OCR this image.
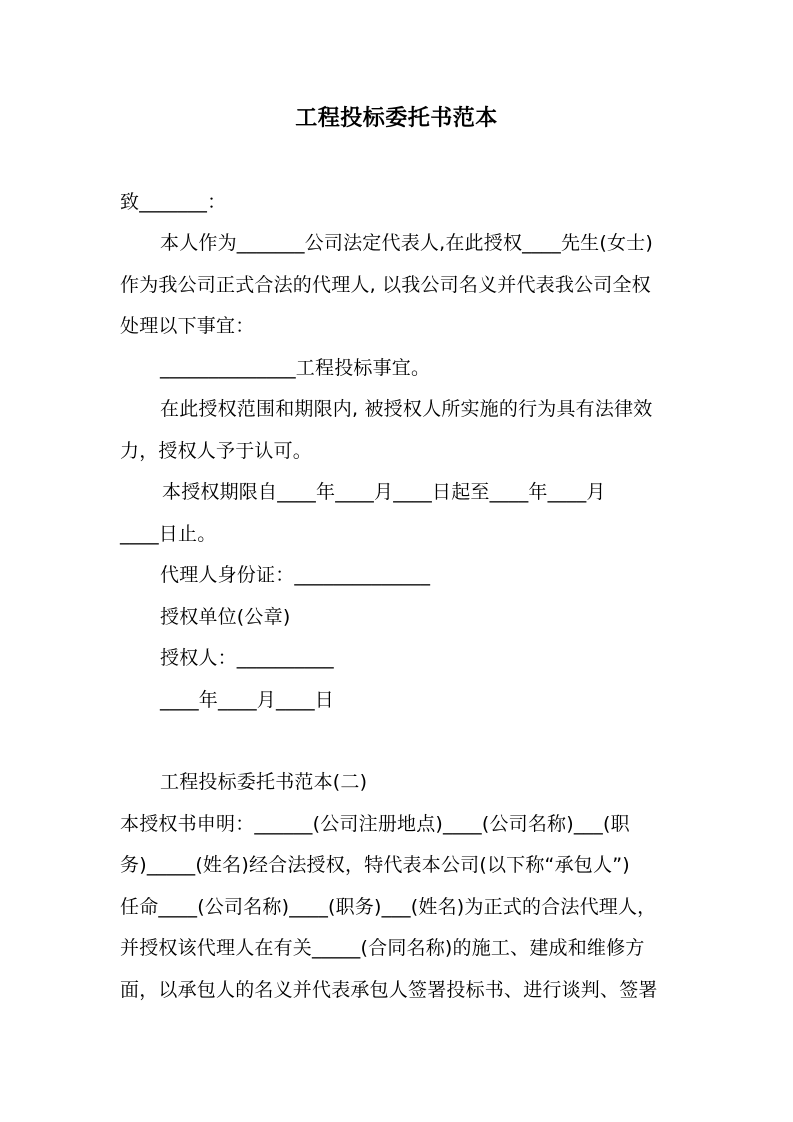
工程投标委托书范本
致_______：
本人作为_______公司法定代表人,在此授权____先生(女士)
作为我公司正式合法的代理人, 以我公司名义并代表我公司全权
处理以下事宜：
______________工程投标事宜。
在此授权范围和期限内, 被授权人所实施的行为具有法律效
力，授权人予于认可。
本授权期限自____年____月____日起至____年____月
____日止。
代理人身份证：______________
授权单位(公章)
授权人：__________
____年____月____日
工程投标委托书范本(二)
本授权书申明：______(公司注册地点)____(公司名称)___(职
务)_____(姓名)经合法授权，特代表本公司(以下称“承包人”)
任命____(公司名称)____(职务)___(姓名)为正式的合法代理人，
并授权该代理人在有关_____(合同名称)的施工、建成和维修方
面，以承包人的名义并代表承包人签署投标书、进行谈判、签署
